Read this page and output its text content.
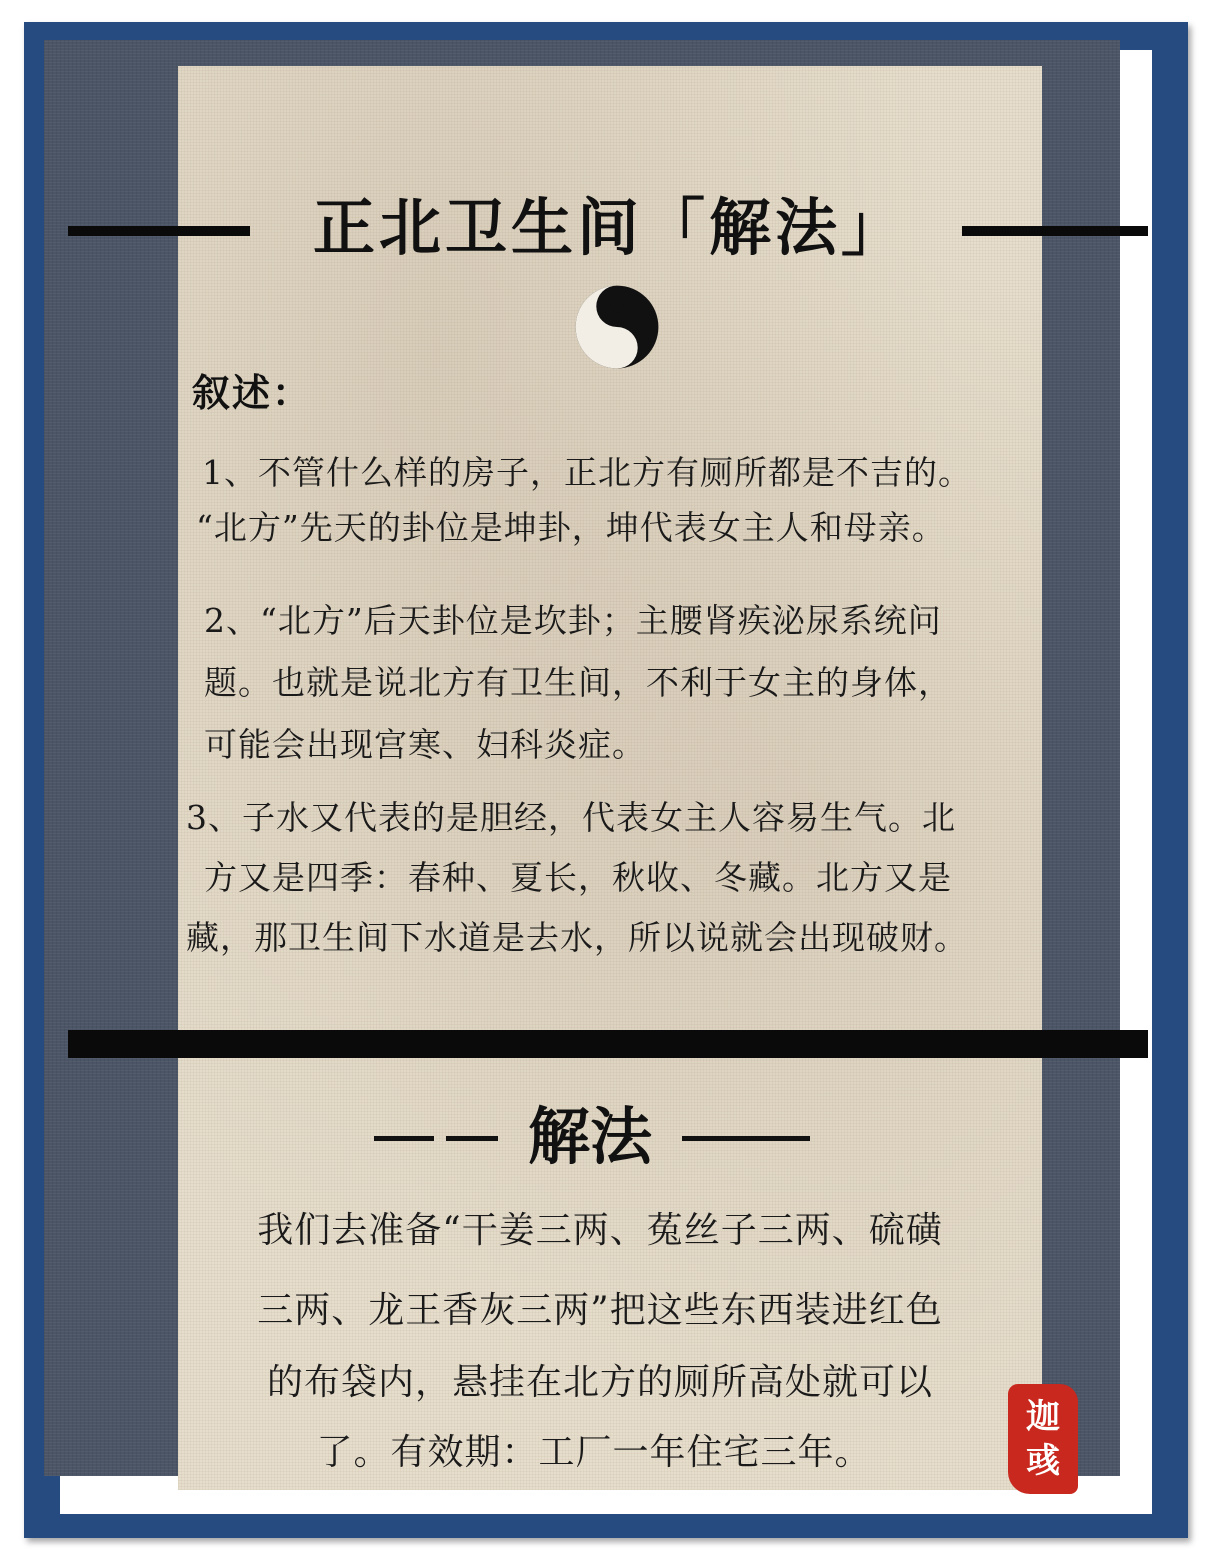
正北卫生间「解法」
叙述：
1、不管什么样的房子，正北方有厕所都是不吉的。
“北方”先天的卦位是坤卦，坤代表女主人和母亲。
2、“北方”后天卦位是坎卦；主腰肾疾泌尿系统问
题。也就是说北方有卫生间，不利于女主的身体，
可能会出现宫寒、妇科炎症。
3、子水又代表的是胆经，代表女主人容易生气。北
方又是四季：春种、夏长，秋收、冬藏。北方又是
藏，那卫生间下水道是去水，所以说就会出现破财。
解法
我们去准备“干姜三两、菟丝子三两、硫磺
三两、龙王香灰三两”把这些东西装进红色
的布袋内，悬挂在北方的厕所高处就可以
了。有效期：工厂一年住宅三年。
迦
彧
